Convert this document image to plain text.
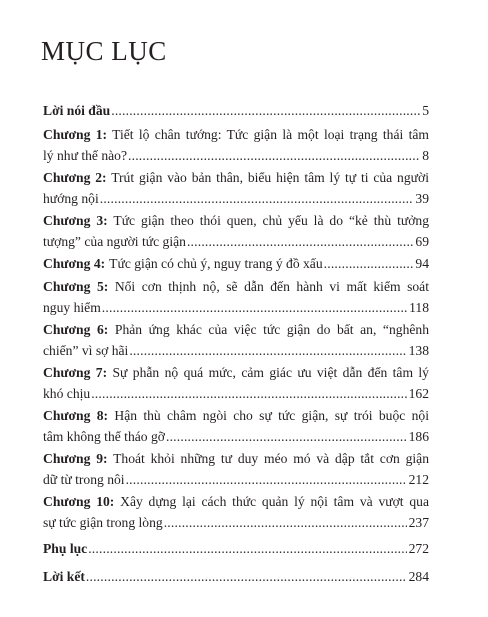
MỤC LỤC
Lời nói đầu .....	5
Chương 1: Tiết lộ chân tướng: Tức giận là một loại trạng thái tâm
lý như thế nào? .....	8
Chương 2: Trút giận vào bản thân, biểu hiện tâm lý tự ti của người
hướng nội .....	39
Chương 3: Tức giận theo thói quen, chủ yếu là do “kẻ thù tưởng
tượng” của người tức giận .....	69
Chương 4: Tức giận có chủ ý, nguy trang ý đồ xấu .....	94
Chương 5: Nổi cơn thịnh nộ, sẽ dẫn đến hành vi mất kiểm soát
nguy hiểm .....	118
Chương 6: Phản ứng khác của việc tức giận do bất an, “nghênh
chiến” vì sợ hãi .....	138
Chương 7: Sự phẫn nộ quá mức, cảm giác ưu việt dẫn đến tâm lý
khó chịu .....	162
Chương 8: Hận thù châm ngòi cho sự tức giận, sự trói buộc nội
tâm không thể tháo gỡ .....	186
Chương 9: Thoát khỏi những tư duy méo mó và dập tắt cơn giận
dữ từ trong nôi .....	212
Chương 10: Xây dựng lại cách thức quản lý nội tâm và vượt qua
sự tức giận trong lòng .....	237
Phụ lục .....	272
Lời kết .....	284
